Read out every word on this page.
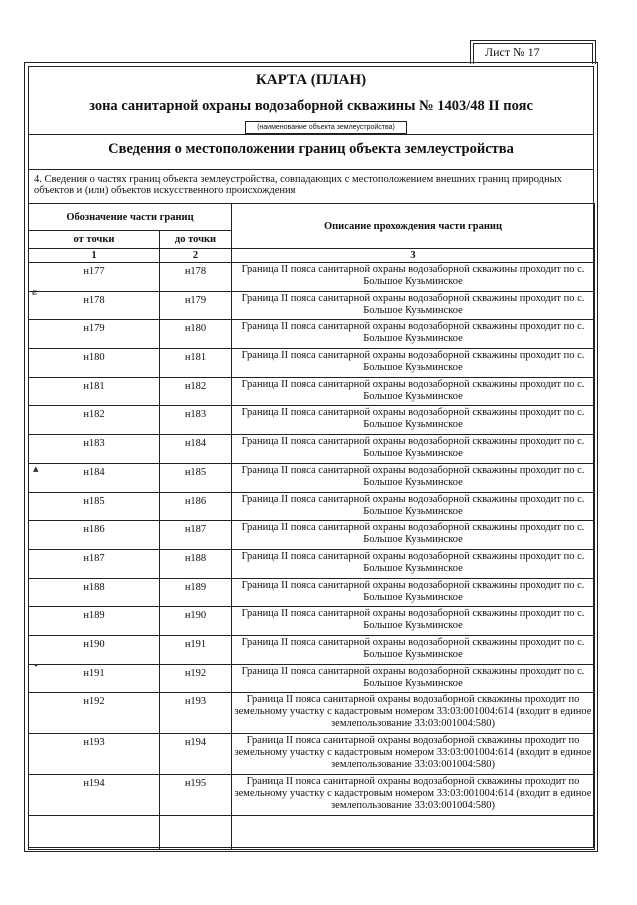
Лист № 17
КАРТА (ПЛАН)
зона санитарной охраны водозаборной скважины № 1403/48 II пояс
(наименование объекта землеустройства)
Сведения о местоположении границ объекта землеустройства
4. Сведения о частях границ объекта землеустройства, совпадающих с местоположением внешних границ природных объектов и (или) объектов искусственного происхождения
Обозначение части границ		Описание прохождения части границ
от точки	до точки	
1	2	3
н177	н178	Граница II пояса санитарной охраны водозаборной скважины проходит по с. Большое Кузьминское
н178	н179	Граница II пояса санитарной охраны водозаборной скважины проходит по с. Большое Кузьминское
н179	н180	Граница II пояса санитарной охраны водозаборной скважины проходит по с. Большое Кузьминское
н180	н181	Граница II пояса санитарной охраны водозаборной скважины проходит по с. Большое Кузьминское
н181	н182	Граница II пояса санитарной охраны водозаборной скважины проходит по с. Большое Кузьминское
н182	н183	Граница II пояса санитарной охраны водозаборной скважины проходит по с. Большое Кузьминское
н183	н184	Граница II пояса санитарной охраны водозаборной скважины проходит по с. Большое Кузьминское
н184	н185	Граница II пояса санитарной охраны водозаборной скважины проходит по с. Большое Кузьминское
н185	н186	Граница II пояса санитарной охраны водозаборной скважины проходит по с. Большое Кузьминское
н186	н187	Граница II пояса санитарной охраны водозаборной скважины проходит по с. Большое Кузьминское
н187	н188	Граница II пояса санитарной охраны водозаборной скважины проходит по с. Большое Кузьминское
н188	н189	Граница II пояса санитарной охраны водозаборной скважины проходит по с. Большое Кузьминское
н189	н190	Граница II пояса санитарной охраны водозаборной скважины проходит по с. Большое Кузьминское
н190	н191	Граница II пояса санитарной охраны водозаборной скважины проходит по с. Большое Кузьминское
н191	н192	Граница II пояса санитарной охраны водозаборной скважины проходит по с. Большое Кузьминское
н192	н193	Граница II пояса санитарной охраны водозаборной скважины проходит по земельному участку с кадастровым номером 33:03:001004:614 (входит в единое землепользование 33:03:001004:580)
н193	н194	Граница II пояса санитарной охраны водозаборной скважины проходит по земельному участку с кадастровым номером 33:03:001004:614 (входит в единое землепользование 33:03:001004:580)
н194	н195	Граница II пояса санитарной охраны водозаборной скважины проходит по земельному участку с кадастровым номером 33:03:001004:614 (входит в единое землепользование 33:03:001004:580)

ɕ
▴
•
